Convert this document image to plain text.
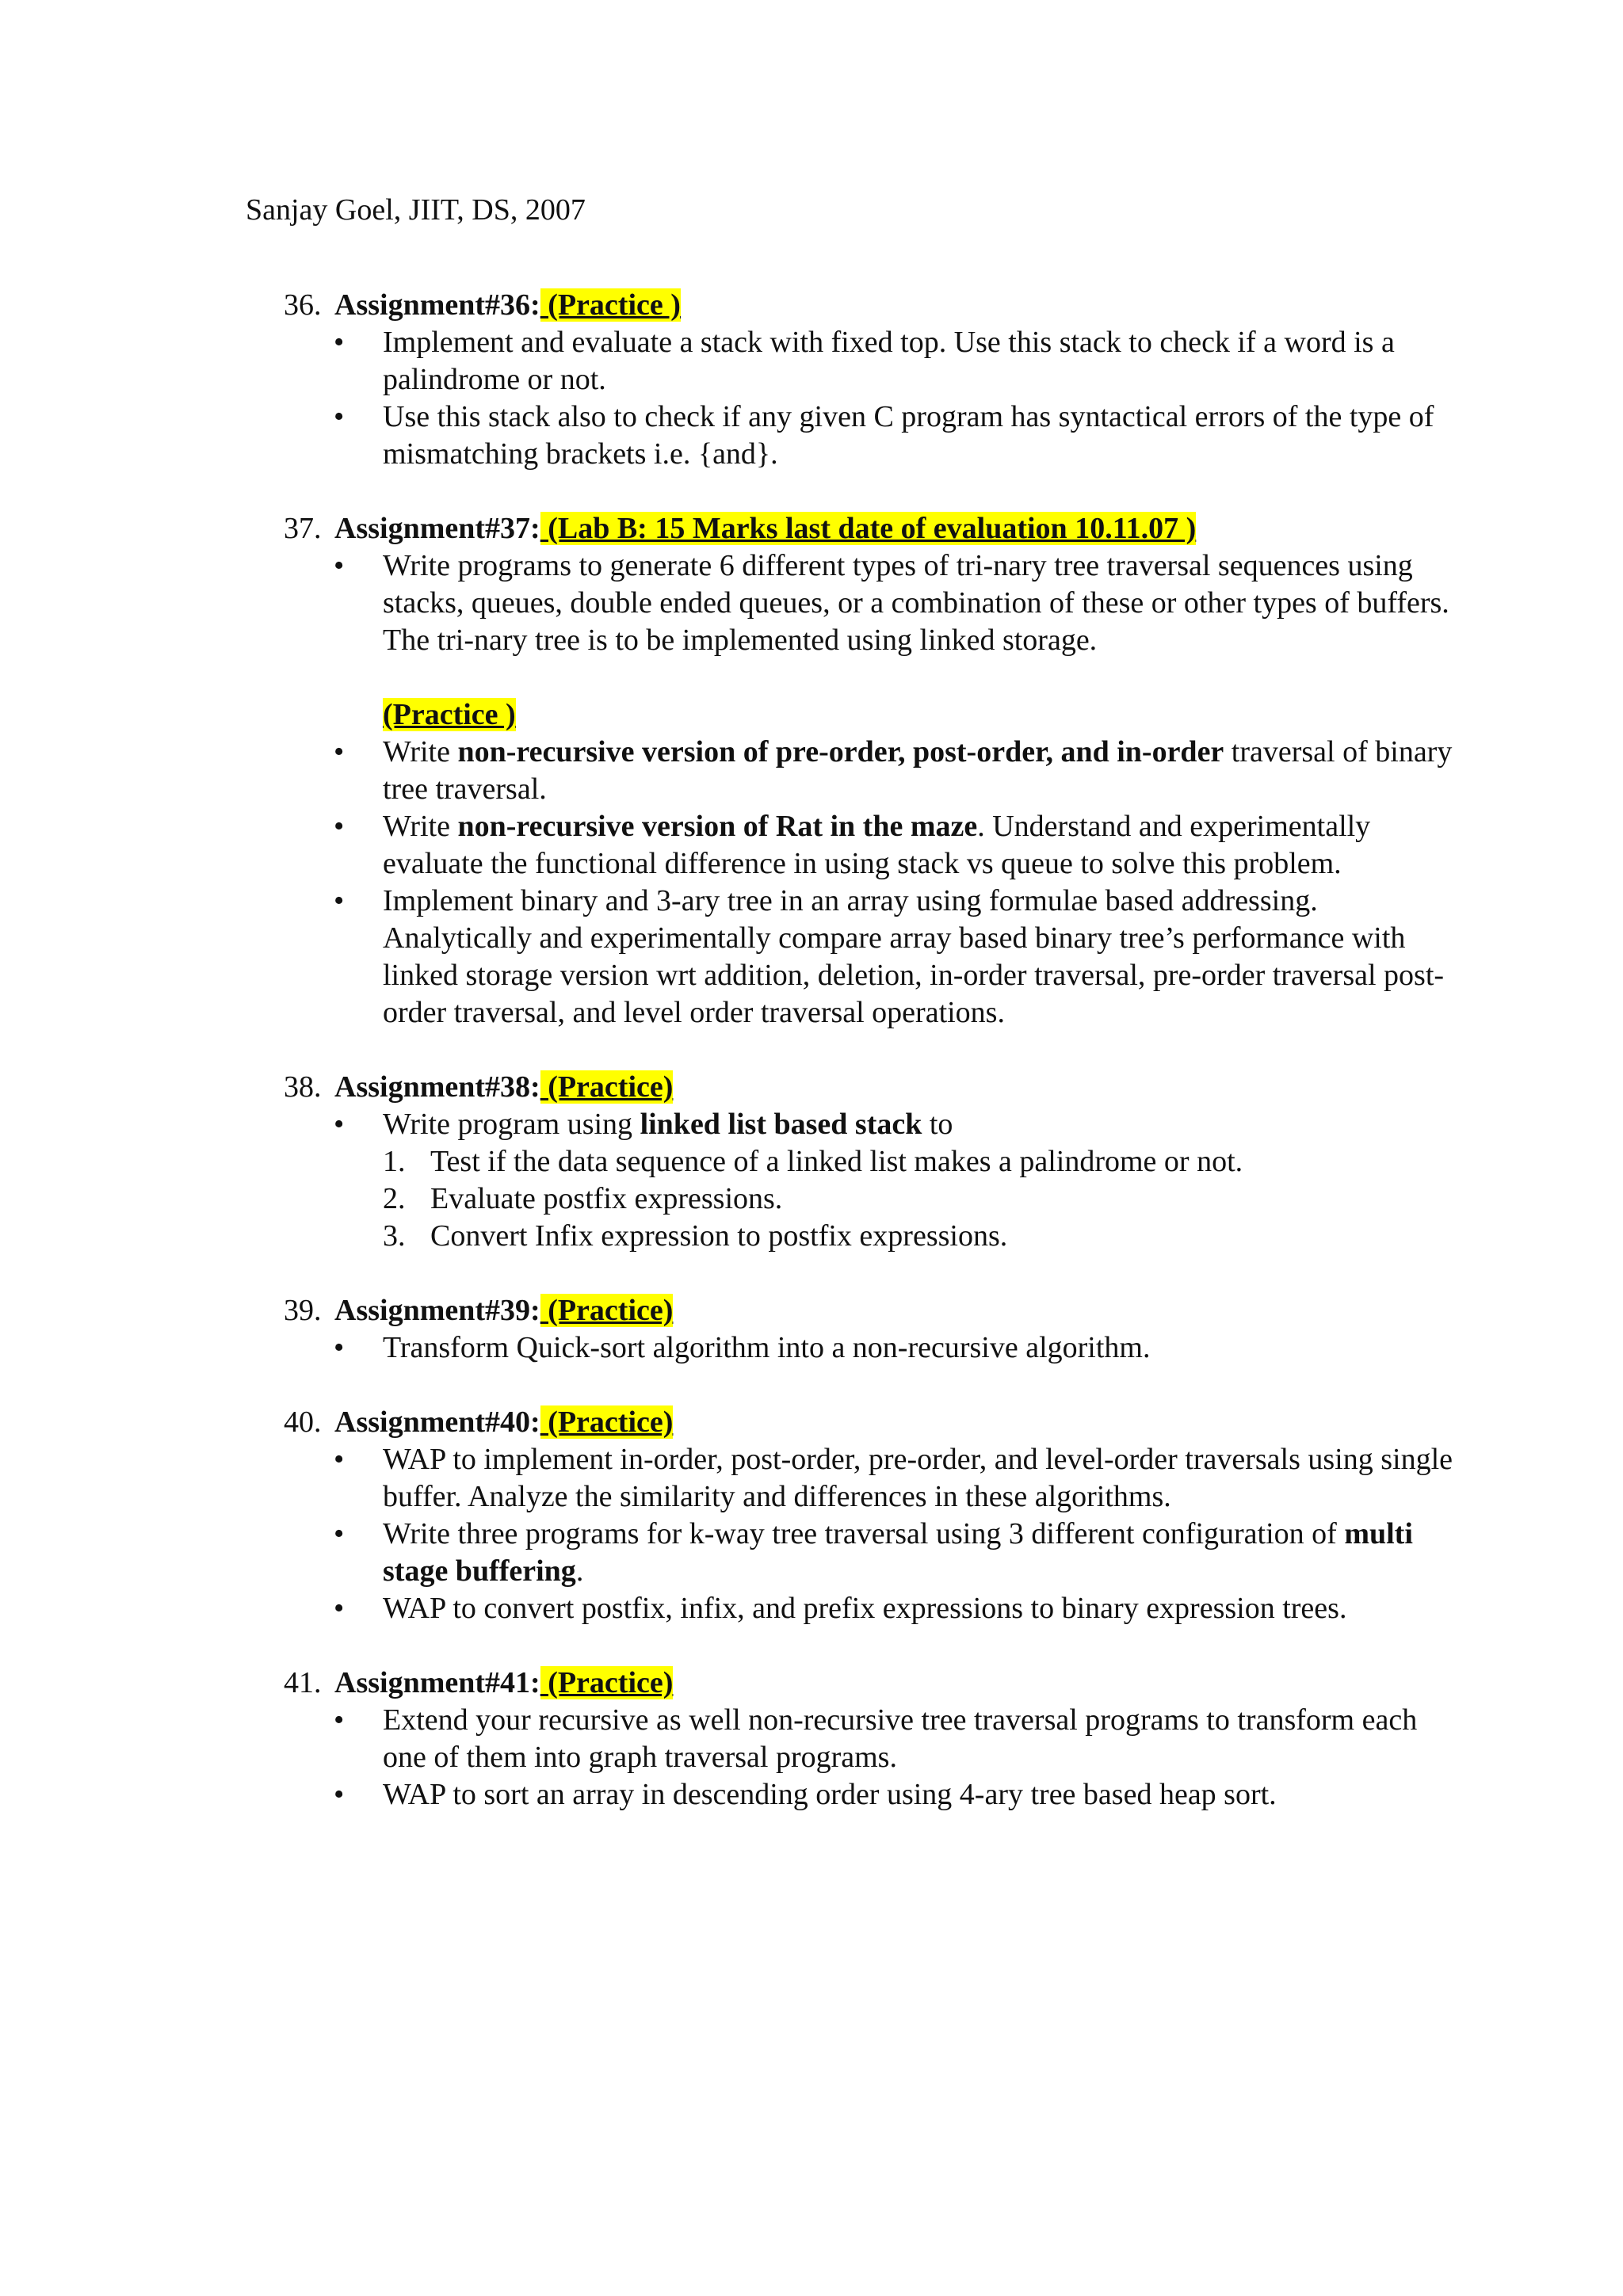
Sanjay Goel, JIIT, DS, 2007
36. Assignment#36: (Practice )
• Implement and evaluate a stack with fixed top. Use this stack to check if a word is a palindrome or not.
• Use this stack also to check if any given C program has syntactical errors of the type of mismatching brackets i.e. {and}.
37. Assignment#37: (Lab B: 15 Marks last date of evaluation 10.11.07 )
• Write programs to generate 6 different types of tri-nary tree traversal sequences using stacks, queues, double ended queues, or a combination of these or other types of buffers. The tri-nary tree is to be implemented using linked storage.
(Practice )
• Write non-recursive version of pre-order, post-order, and in-order traversal of binary tree traversal.
• Write non-recursive version of Rat in the maze. Understand and experimentally evaluate the functional difference in using stack vs queue to solve this problem.
• Implement binary and 3-ary tree in an array using formulae based addressing. Analytically and experimentally compare array based binary tree’s performance with linked storage version wrt addition, deletion, in-order traversal, pre-order traversal post-order traversal, and level order traversal operations.
38. Assignment#38: (Practice)
• Write program using linked list based stack to
1. Test if the data sequence of a linked list makes a palindrome or not.
2. Evaluate postfix expressions.
3. Convert Infix expression to postfix expressions.
39. Assignment#39: (Practice)
• Transform Quick-sort algorithm into a non-recursive algorithm.
40. Assignment#40: (Practice)
• WAP to implement in-order, post-order, pre-order, and level-order traversals using single buffer. Analyze the similarity and differences in these algorithms.
• Write three programs for k-way tree traversal using 3 different configuration of multi stage buffering.
• WAP to convert postfix, infix, and prefix expressions to binary expression trees.
41. Assignment#41: (Practice)
• Extend your recursive as well non-recursive tree traversal programs to transform each one of them into graph traversal programs.
• WAP to sort an array in descending order using 4-ary tree based heap sort.
